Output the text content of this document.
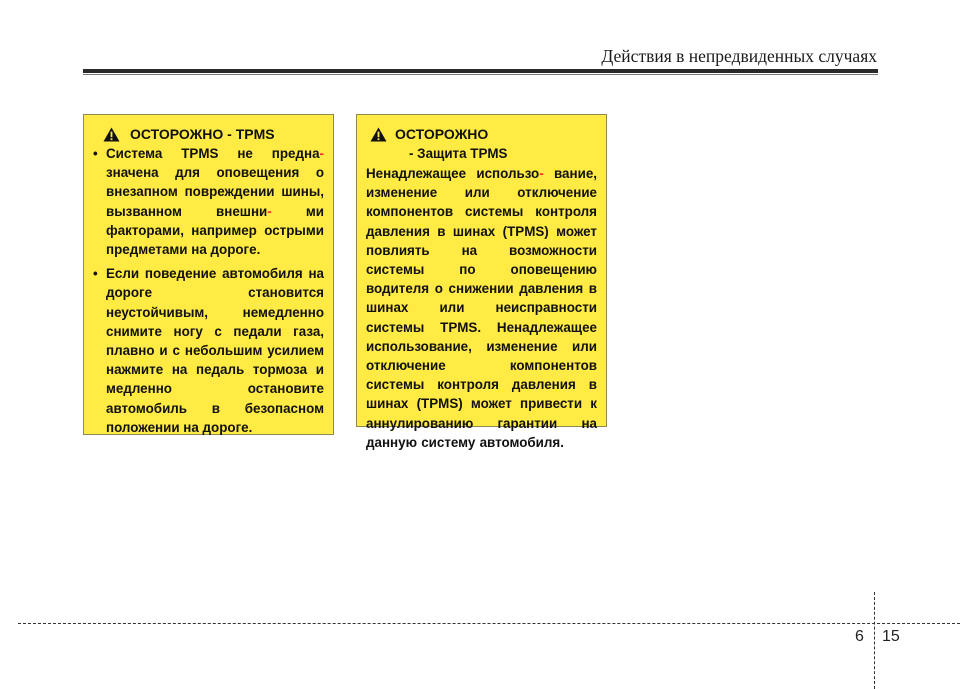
Действия в непредвиденных случаях
ОСТОРОЖНО - TPMS
• Система TPMS не предна- значена для оповещения о внезапном повреждении шины, вызванном внешни-	ми факторами, например острыми предметами на дороге.
• Если поведение автомобиля на дороге становится неустойчивым, немедленно снимите ногу с педали газа, плавно и с небольшим усилием нажмите на педаль тормоза и медленно остановите автомобиль в безопасном положении на дороге.
ОСТОРОЖНО
- Защита TPMS
Ненадлежащее использо- вание, изменение или отключение компонентов системы контроля давления в шинах (TPMS) может повлиять на возможности системы по оповещению водителя о снижении давления в шинах или неисправности системы TPMS. Ненадлежащее использование, изменение или отключение компонентов системы контроля давления в шинах (TPMS) может привести к аннулированию гарантии на данную систему автомобиля.
6 15
